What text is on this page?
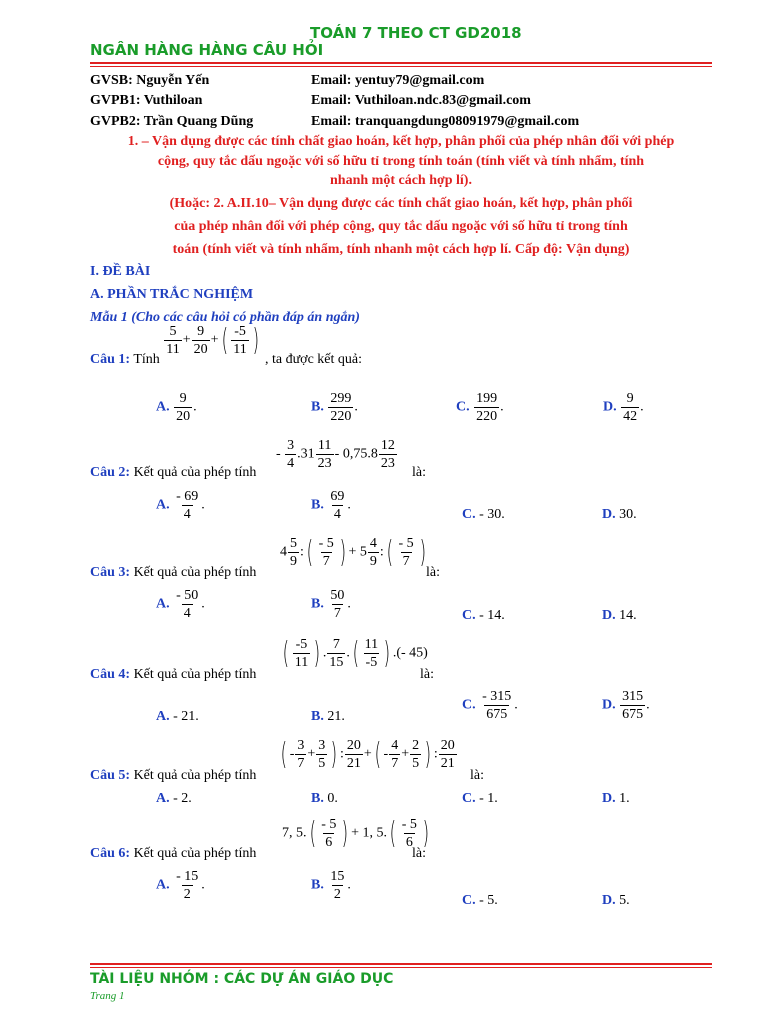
TOÁN 7 THEO CT GD2018
NGÂN HÀNG HÀNG CÂU HỎI
GVSB: Nguyễn Yến	Email: yentuy79@gmail.com
GVPB1: Vuthiloan	Email: Vuthiloan.ndc.83@gmail.com
GVPB2: Trần Quang Dũng	Email: tranquangdung08091979@gmail.com
1. – Vận dụng được các tính chất giao hoán, kết hợp, phân phối của phép nhân đối với phép
cộng, quy tắc dấu ngoặc với số hữu tỉ trong tính toán (tính viết và tính nhẩm, tính
nhanh một cách hợp lí).
(Hoặc: 2. A.II.10– Vận dụng được các tính chất giao hoán, kết hợp, phân phối
của phép nhân đối với phép cộng, quy tắc dấu ngoặc với số hữu tỉ trong tính
toán (tính viết và tính nhẩm, tính nhanh một cách hợp lí. Cấp độ: Vận dụng)
I. ĐỀ BÀI
A. PHẦN TRẮC NGHIỆM
Mẫu 1 (Cho các câu hỏi có phần đáp án ngắn)
Câu 1: Tính
$\frac{5}{11} + \frac{9}{20}$ +( $\frac{-5}{11}$ ) , ta được kết quả:
A. $\frac{9}{20}$ .	B. $\frac{299}{220}$ .	C. $\frac{199}{220}$ .	D. $\frac{9}{42}$ .
- $\frac{3}{4} .31 \frac{11}{23} - 0,75.8 \frac{12}{23}$
Câu 2: Kết quả của phép tính	là:
A. $\frac{- 69}{4}$ .	B. $\frac{69}{4}$ .
C. - 30.	D. 30.
$4 \frac{5}{9}$ :( $\frac{- 5}{7}$ ) + $5 \frac{4}{9}$ :( $\frac{- 5}{7}$ )
Câu 3: Kết quả của phép tính	là:
A. $\frac{- 50}{4}$ .	B. $\frac{50}{7}$ .
C. - 14.	D. 14.
( $\frac{-5}{11}$ ) . $\frac{7}{15}$ .( $\frac{11}{-5}$ ) .(- 45)
Câu 4: Kết quả của phép tính	là:
A. - 21.	B. 21.
C. $\frac{- 315}{675}$ .	D. $\frac{315}{675}$ .
( - $\frac{3}{7} + \frac{3}{5}$ ) : $\frac{20}{21}$ +( - $\frac{4}{7} + \frac{2}{5}$ ) : $\frac{20}{21}$
Câu 5: Kết quả của phép tính	là:
A. - 2.	B. 0.	C. - 1.	D. 1.
7, $5.( \frac{- 5}{6}$ ) + 1, $5.( \frac{- 5}{6}$ )
Câu 6: Kết quả của phép tính	là:
A. $\frac{- 15}{2}$ .	B. $\frac{15}{2}$ .
C. - 5.	D. 5.
TÀI LIỆU NHÓM : CÁC DỰ ÁN GIÁO DỤC
Trang 1
